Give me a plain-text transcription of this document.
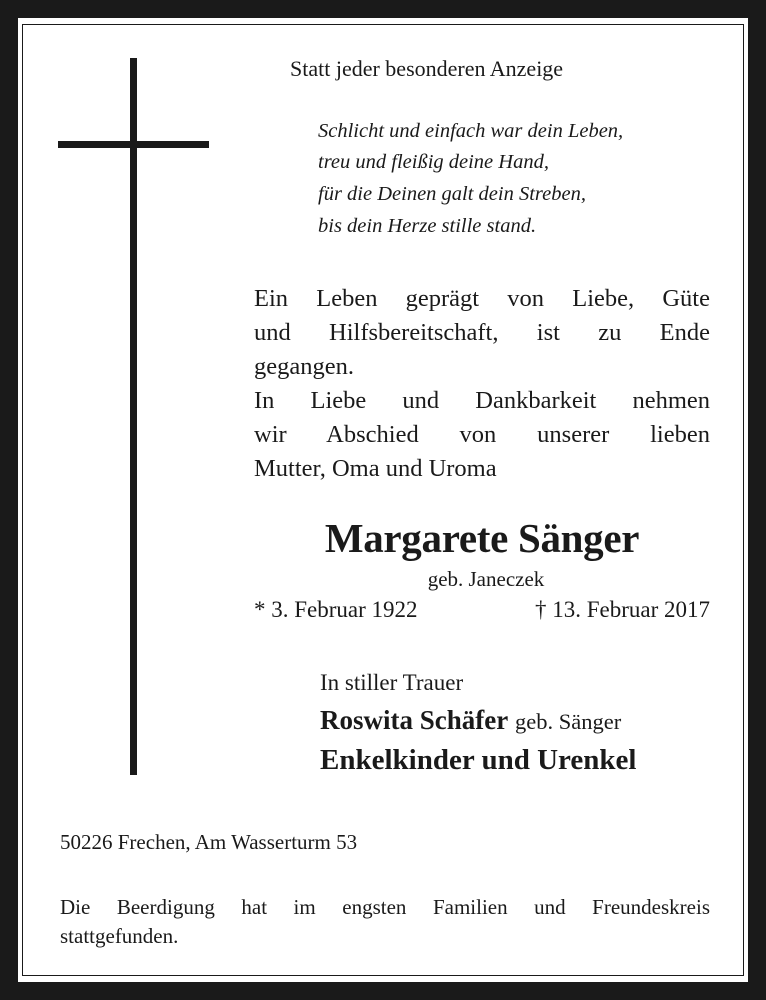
Statt jeder besonderen Anzeige
Schlicht und einfach war dein Leben,
treu und fleißig deine Hand,
für die Deinen galt dein Streben,
bis dein Herze stille stand.
Ein Leben geprägt von Liebe, Güte
und Hilfsbereitschaft, ist zu Ende
gegangen.
In Liebe und Dankbarkeit nehmen
wir Abschied von unserer lieben
Mutter, Oma und Uroma
Margarete Sänger
geb. Janeczek
* 3. Februar 1922	† 13. Februar 2017
In stiller Trauer
Roswita Schäfer geb. Sänger
Enkelkinder und Urenkel
50226 Frechen, Am Wasserturm 53
Die Beerdigung hat im engsten Familien und Freundeskreis
stattgefunden.
